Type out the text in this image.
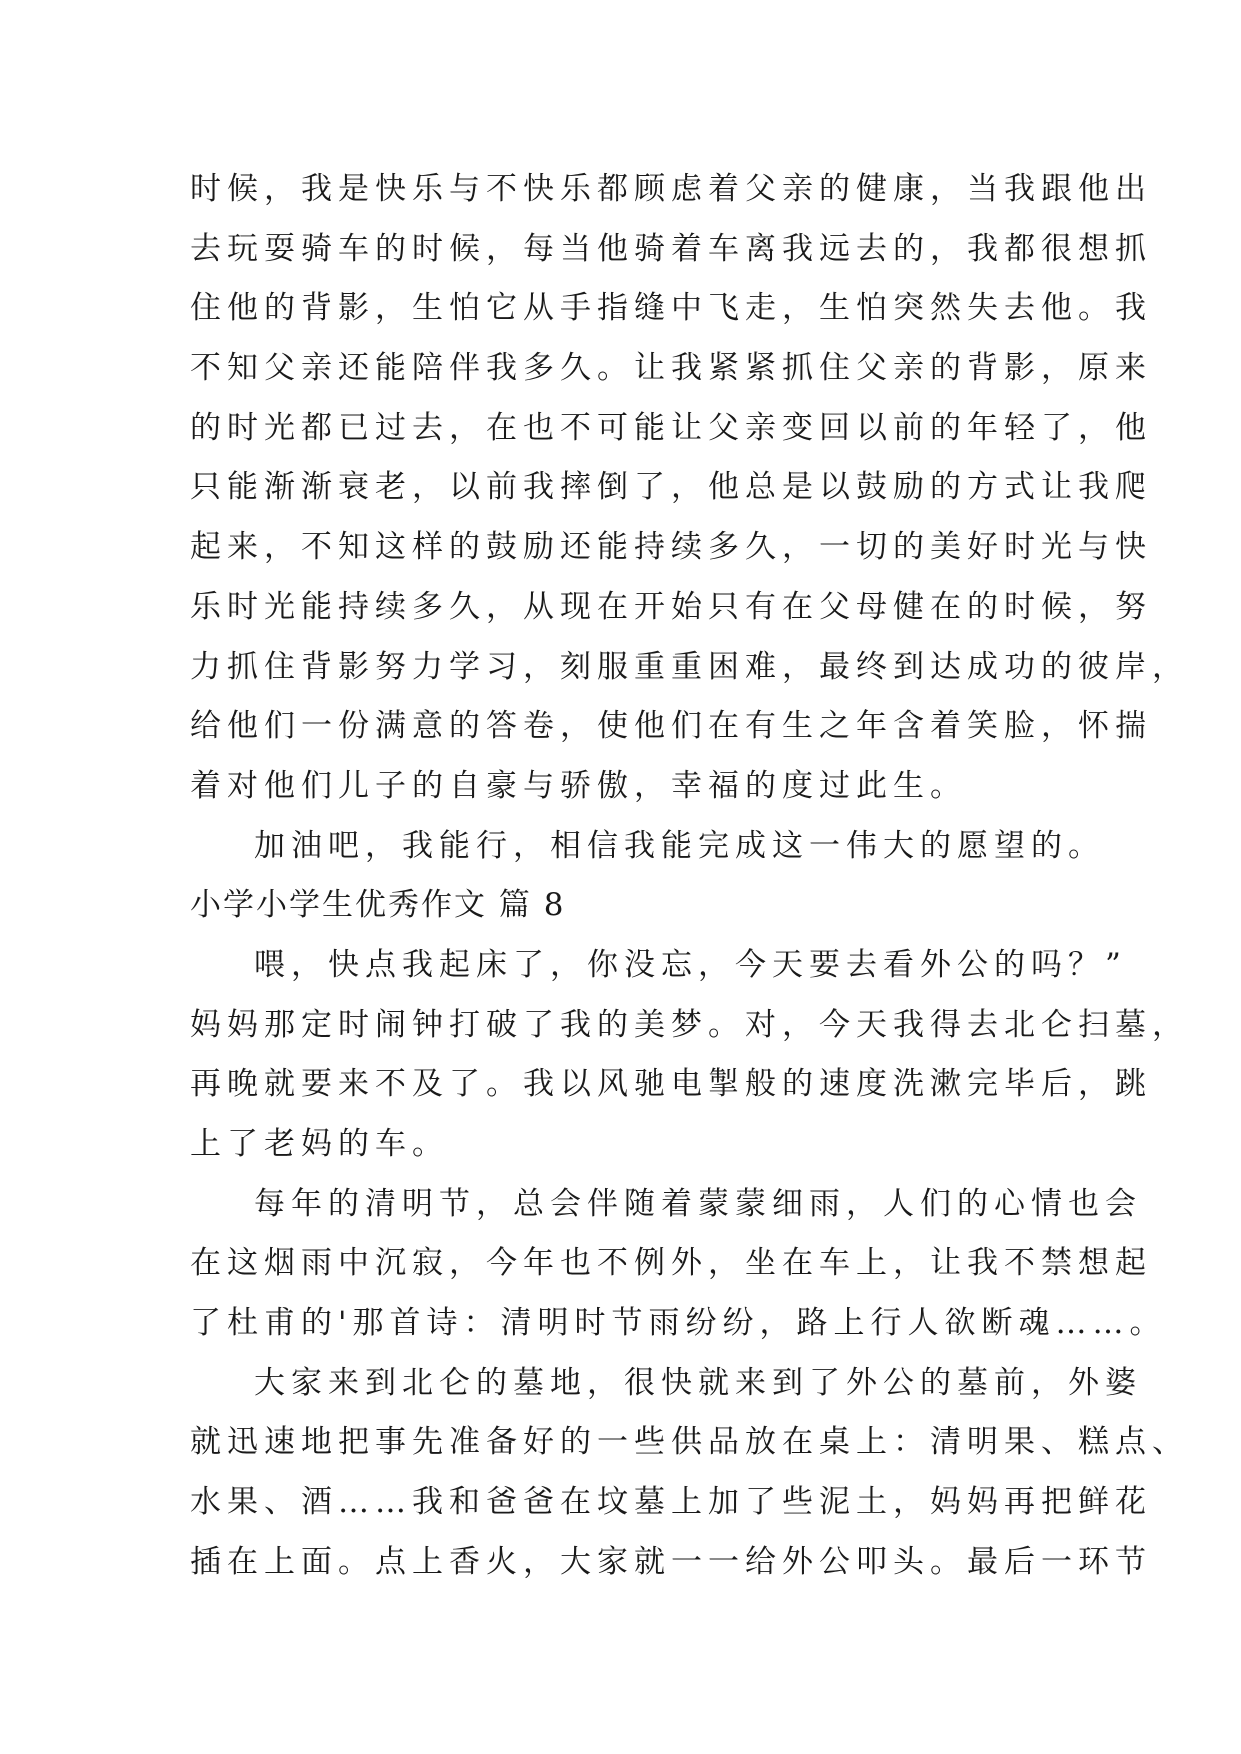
时候，我是快乐与不快乐都顾虑着父亲的健康，当我跟他出
去玩耍骑车的时候，每当他骑着车离我远去的，我都很想抓
住他的背影，生怕它从手指缝中飞走，生怕突然失去他。我
不知父亲还能陪伴我多久。让我紧紧抓住父亲的背影，原来
的时光都已过去，在也不可能让父亲变回以前的年轻了，他
只能渐渐衰老，以前我摔倒了，他总是以鼓励的方式让我爬
起来，不知这样的鼓励还能持续多久，一切的美好时光与快
乐时光能持续多久，从现在开始只有在父母健在的时候，努
力抓住背影努力学习，刻服重重困难，最终到达成功的彼岸，
给他们一份满意的答卷，使他们在有生之年含着笑脸，怀揣
着对他们儿子的自豪与骄傲，幸福的度过此生。
加油吧，我能行，相信我能完成这一伟大的愿望的。
小学小学生优秀作文 篇 8
喂，快点我起床了，你没忘，今天要去看外公的吗？”
妈妈那定时闹钟打破了我的美梦。对，今天我得去北仑扫墓，
再晚就要来不及了。我以风驰电掣般的速度洗漱完毕后，跳
上了老妈的车。
每年的清明节，总会伴随着蒙蒙细雨，人们的心情也会
在这烟雨中沉寂，今年也不例外，坐在车上，让我不禁想起
了杜甫的'那首诗：清明时节雨纷纷，路上行人欲断魂……。
大家来到北仑的墓地，很快就来到了外公的墓前，外婆
就迅速地把事先准备好的一些供品放在桌上：清明果、糕点、
水果、酒……我和爸爸在坟墓上加了些泥土，妈妈再把鲜花
插在上面。点上香火，大家就一一给外公叩头。最后一环节
